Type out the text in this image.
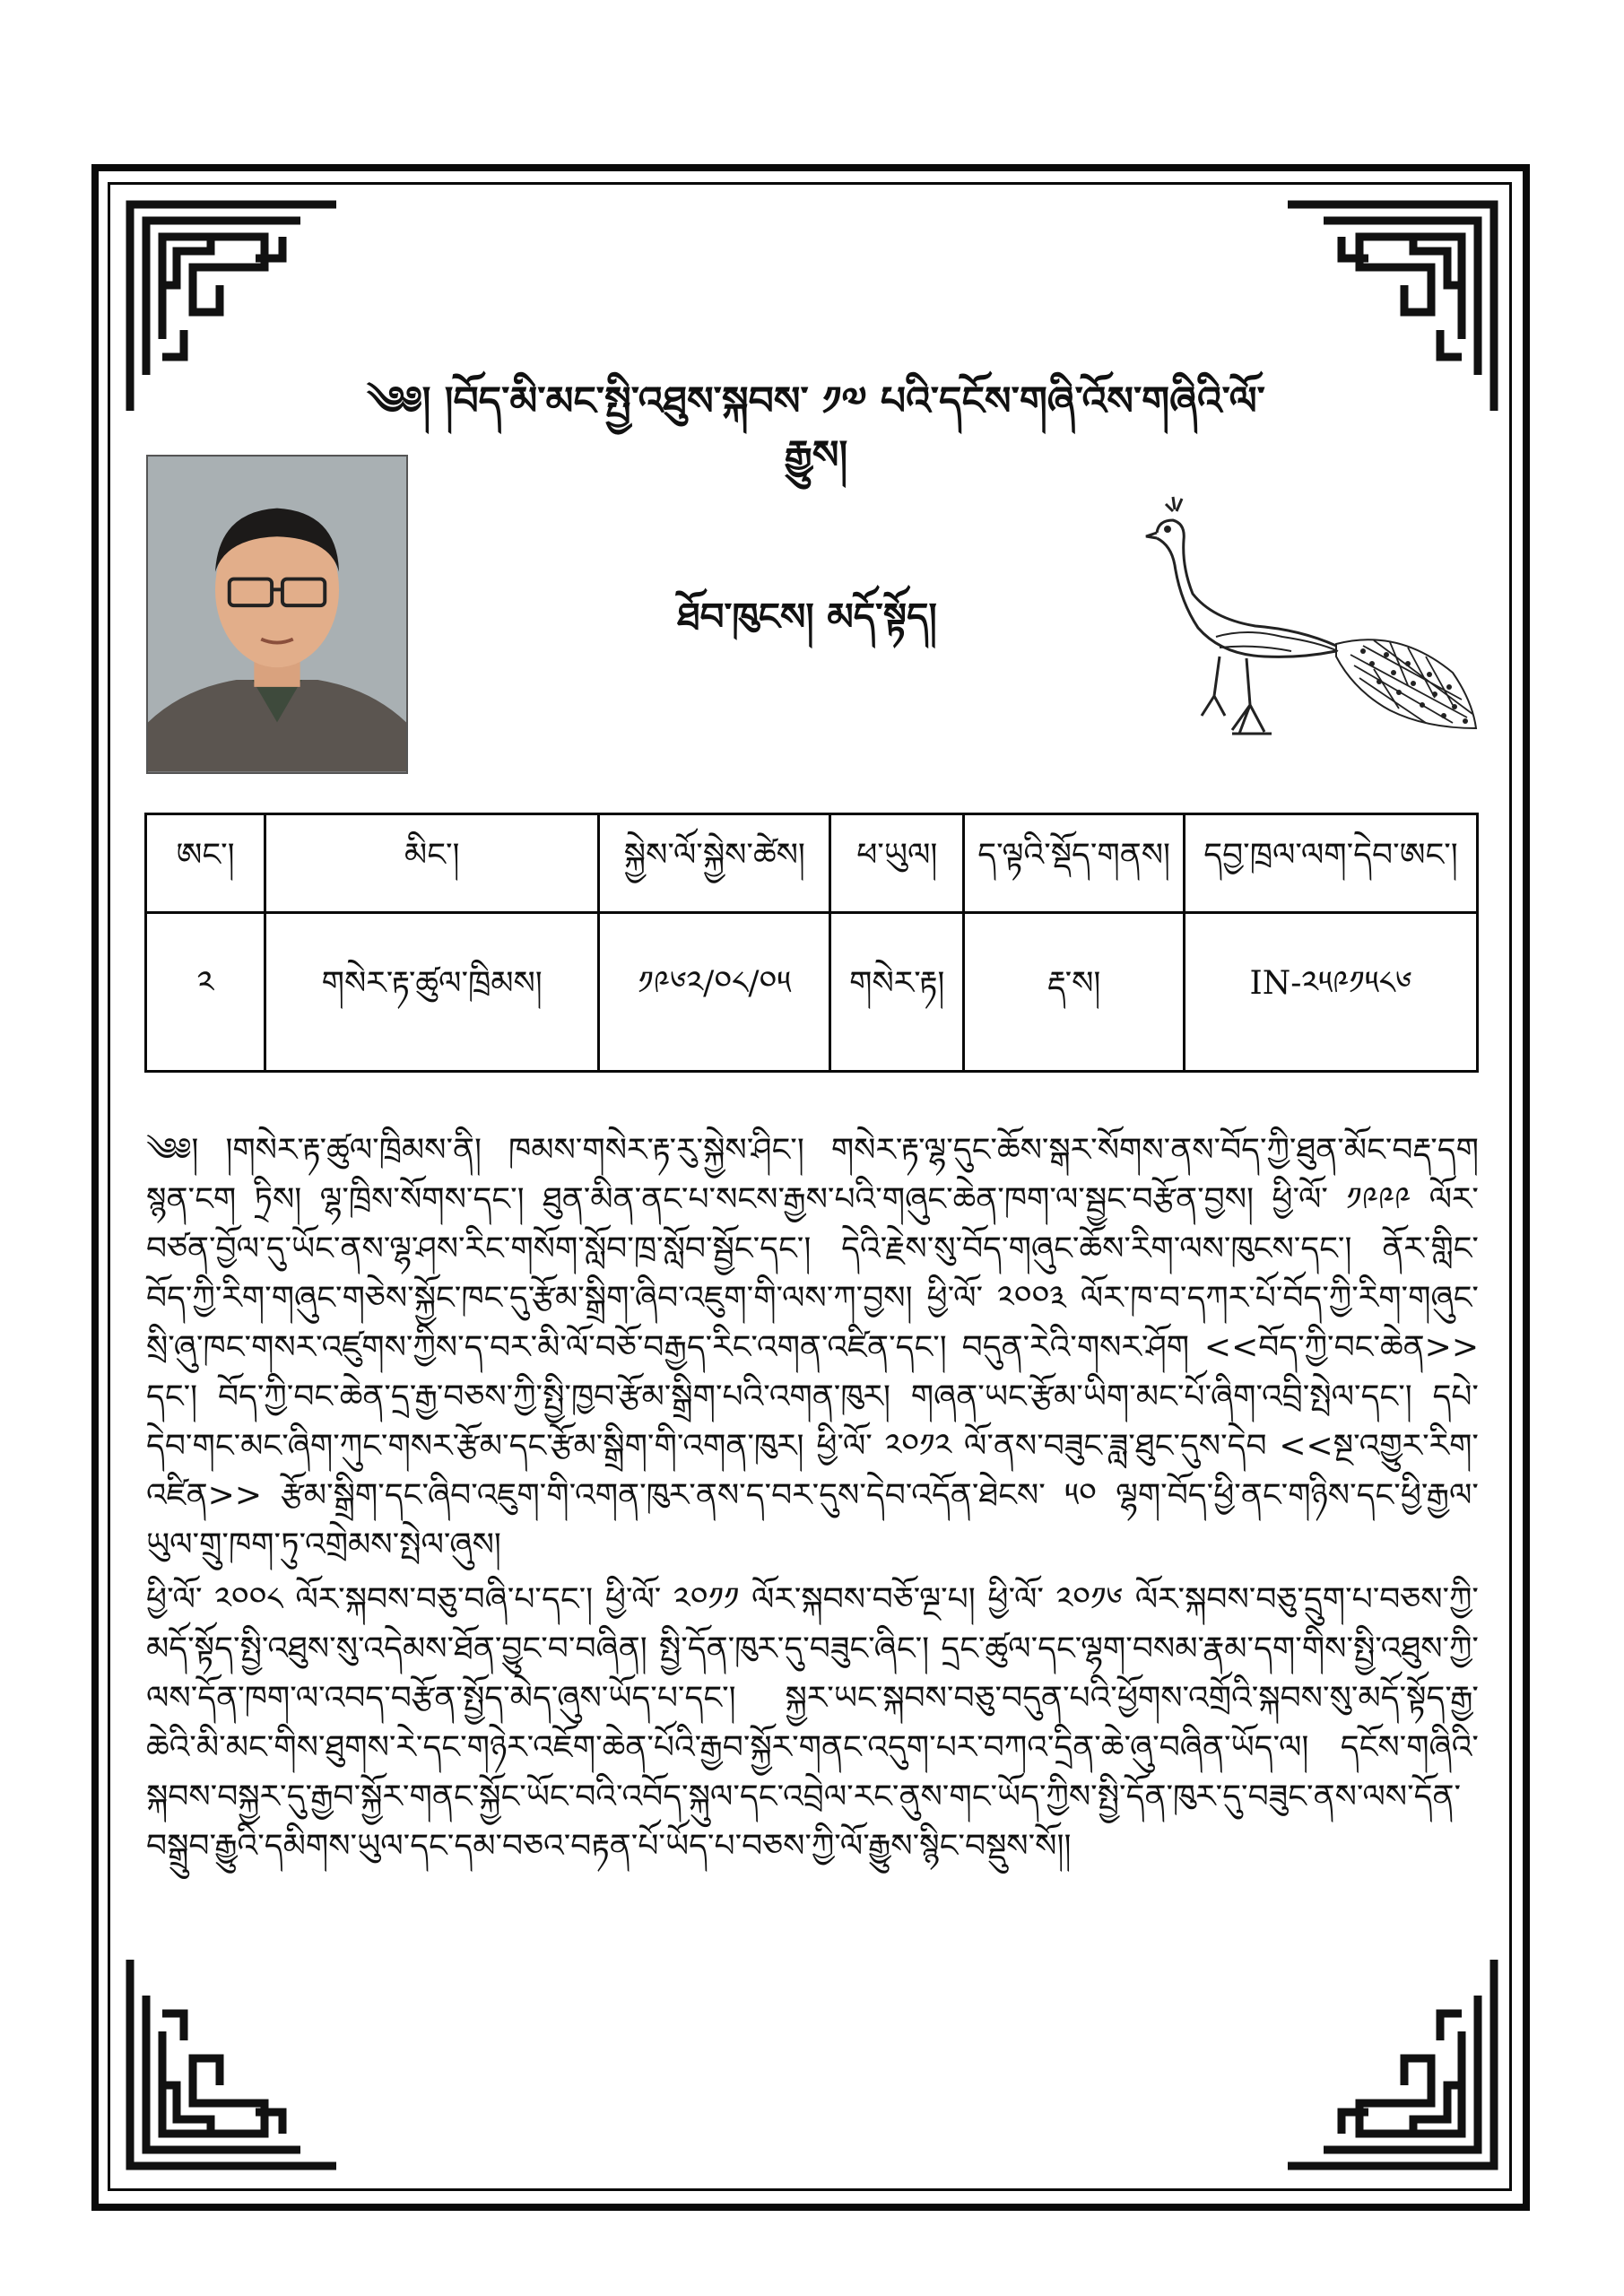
༄༅། །བོད་མི་མང་སྤྱི་འཐུས་སྐབས་ ༡༧ པའི་དངོས་གཞི་འོས་གཞིའི་ལོ་རྒྱུས།
ཐོབ་ཁུངས། མདོ་སྟོད།
ཨང་།	མིང་།	སྐྱེས་ལོ་སྐྱེས་ཚེས།	ཕ་ཡུལ།	ད་ལྟའི་སྡོད་གནས།	དབྱ་ཁྲལ་ལག་དེབ་ཨང་།
༢	གསེར་རྟ་ཚུལ་ཁྲིམས།	༡༩༦༢/༠༨/༠༥	གསེར་རྟ།	རྡ་ས།	IN-༢༥༩༡༥༨༦

༄༅། །གསེར་རྟ་ཚུལ་ཁྲིམས་ནི། ཁམས་གསེར་རྟ་རུ་སྐྱེས་ཤིང་། གསེར་རྟ་ལྷ་དུང་ཆོས་སྒར་སོགས་ནས་བོད་ཀྱི་ཐུན་མོང་བརྡ་དག སྙན་ངག ཏྲིས། ལྷ་ཁྲིས་སོགས་དང་། ཐུན་མིན་ནང་པ་སངས་རྒྱས་པའི་གཞུང་ཆེན་ཁག་ལ་སྦྱང་བརྩོན་བྱས། ཕྱི་ལོ་ ༡༩༩༩ ལོར་བཙན་བྱོལ་དུ་ཡོང་ནས་ལྷ་ཤས་རིང་གསོག་སློབ་ཁྲ་སློབ་སྦྱོང་དང་། དེའི་རྗེས་སུ་བོད་གཞུང་ཆོས་རིག་ལས་ཁུངས་དང་། ནོར་གླིང་བོད་ཀྱི་རིག་གཞུང་གཅེས་སྐྱོང་ཁང་དུ་རྩོམ་སྒྲིག་ཞིབ་འཇུག་གི་ལས་ཀ་བྱས། ཕྱི་ལོ་ ༢༠༠༣ ལོར་ཁ་བ་དཀར་པོ་བོད་ཀྱི་རིག་གཞུང་སྲི་ཞུ་ཁང་གསར་འཛུགས་ཀྱིས་ད་བར་མི་ལོ་བཅོ་བརྒྱད་རིང་འགན་འཛིན་དང་། བདུན་རེའི་གསར་ཤོག <<བོད་ཀྱི་བང་ཆེན>> དང་། བོད་ཀྱི་བང་ཆེན་དྲ་རྒྱ་བཅས་ཀྱི་སྤྱི་ཁྱབ་རྩོམ་སྒྲིག་པའི་འགན་ཁུར། གཞན་ཡང་རྩོམ་ཡིག་མང་པོ་ཞིག་འབྲི་སྤེལ་དང་། དཔེ་དེབ་གང་མང་ཞིག་ཀུང་གསར་རྩོམ་དང་རྩོམ་སྒྲིག་གི་འགན་ཁུར། ཕྱི་ལོ་ ༢༠༡༢ ལོ་ནས་བཟུང་ཟླ་ཐུང་དུས་དེབ <<སྔ་འགྱུར་རིག་འཛིན>> རྩོམ་སྒྲིག་དང་ཞིབ་འཇུག་གི་འགན་ཁུར་ནས་ད་བར་དུས་དེབ་འདོན་ཐེངས་ ༥༠ ལྷག་བོད་ཕྱི་ནང་གཉིས་དང་ཕྱི་རྒྱལ་ཡུལ་གྲུ་ཁག་ཏུ་འགྲེམས་སྤེལ་ཞུས།

ཕྱི་ལོ་ ༢༠༠༨ ལོར་སྐབས་བཅུ་བཞི་པ་དང་། ཕྱི་ལོ་ ༢༠༡༡ ལོར་སྐབས་བཅོ་ལྔ་པ། ཕྱི་ལོ་ ༢༠༡༦ ལོར་སྐབས་བཅུ་དྲུག་པ་བཅས་ཀྱི་མདོ་སྟོད་སྤྱི་འཐུས་སུ་འདེམས་ཐོན་བྱུང་བ་བཞིན། སྤྱི་དོན་ཁུར་དུ་བཟུང་ཞིང་། དྲང་ཚུལ་དང་ལྷག་བསམ་རྣམ་དག་གིས་སྤྱི་འཐུས་ཀྱི་ལས་དོན་ཁག་ལ་འབད་བརྩོན་སྤྱོད་མེད་ཞུས་ཡོད་པ་དང་། སྐྱར་ཡང་སྐབས་བཅུ་བདུན་པའི་ཕྱོགས་འགྲོའི་སྐབས་སུ་མདོ་སྟོད་རྒྱ་ཆེའི་མི་མང་གིས་ཐུགས་རེ་དང་གཉེར་འཇོག་ཆེན་པོའི་རྒྱབ་སྐྱོར་གནང་འདུག་པར་བཀའ་དྲིན་ཆེ་ཞུ་བཞིན་ཡོད་ལ། དངོས་གཞིའི་སྐབས་བསྐྱར་དུ་རྒྱབ་སྐྱོར་གནང་སྐྱོང་ཡོང་བའི་འབོད་སྐུལ་དང་འབྲེལ་རང་ནུས་གང་ཡོད་ཀྱིས་སྤྱི་དོན་ཁུར་དུ་བཟུང་ནས་ལས་དོན་བསྒྲུབ་རྒྱུའི་དམིགས་ཡུལ་དང་དམ་བཅའ་བརྟན་པོ་ཡོད་པ་བཅས་ཀྱི་ལོ་རྒྱུས་སྙིང་བསྡུས་སོ།།
